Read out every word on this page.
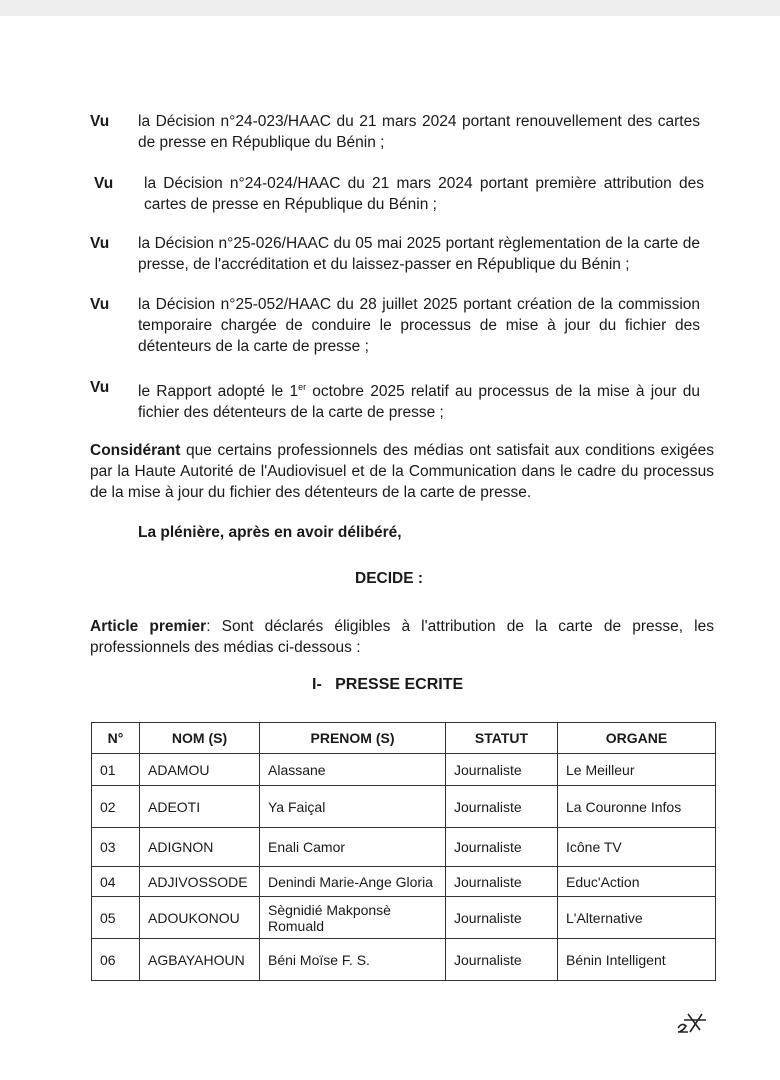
Vu	la Décision n°24-023/HAAC du 21 mars 2024 portant renouvellement des cartes de presse en République du Bénin ;
Vu	la Décision n°24-024/HAAC du 21 mars 2024 portant première attribution des cartes de presse en République du Bénin ;
Vu	la Décision n°25-026/HAAC du 05 mai 2025 portant règlementation de la carte de presse, de l'accréditation et du laissez-passer en République du Bénin ;
Vu	la Décision n°25-052/HAAC du 28 juillet 2025 portant création de la commission temporaire chargée de conduire le processus de mise à jour du fichier des détenteurs de la carte de presse ;
Vu	le Rapport adopté le 1er octobre 2025 relatif au processus de la mise à jour du fichier des détenteurs de la carte de presse ;
Considérant que certains professionnels des médias ont satisfait aux conditions exigées par la Haute Autorité de l'Audiovisuel et de la Communication dans le cadre du processus de la mise à jour du fichier des détenteurs de la carte de presse.
La plénière, après en avoir délibéré,
DECIDE :
Article premier: Sont déclarés éligibles à l'attribution de la carte de presse, les professionnels des médias ci-dessous :
I- PRESSE ECRITE
N°	NOM (S)	PRENOM (S)	STATUT	ORGANE
01	ADAMOU	Alassane	Journaliste	Le Meilleur
02	ADEOTI	Ya Faiçal	Journaliste	La Couronne Infos
03	ADIGNON	Enali Camor	Journaliste	Icône TV
04	ADJIVOSSODE	Denindi Marie-Ange Gloria	Journaliste	Educ'Action
05	ADOUKONOU	Sègnidié Makponsè Romuald	Journaliste	L'Alternative
06	AGBAYAHOUN	Béni Moïse F. S.	Journaliste	Bénin Intelligent
